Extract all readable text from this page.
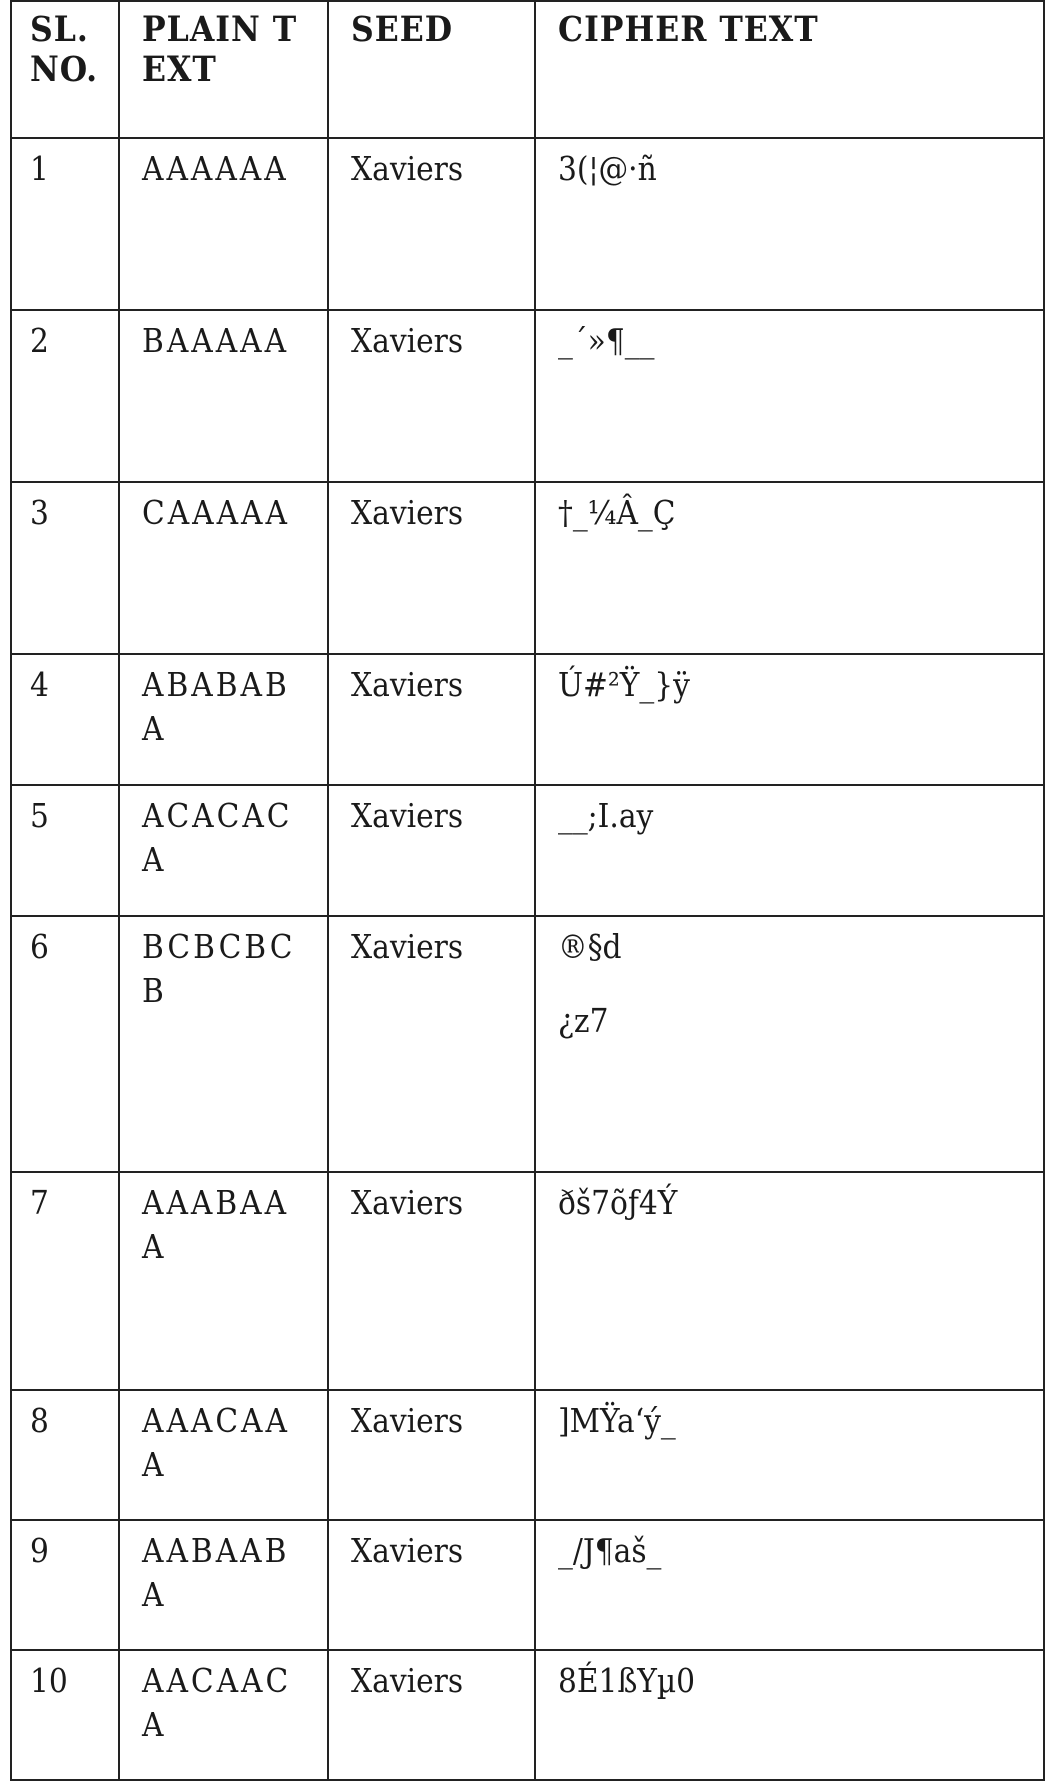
SL. NO.	PLAIN TEXT	SEED	CIPHER TEXT
1	AAAAAA	Xaviers	3(¦@·ñ

2	BAAAAA	Xaviers	_´»¶__

3	CAAAAA	Xaviers	†_¼Â_Ç

4	ABABABA	Xaviers	Ú#²Ÿ_}ÿ

5	ACACACA	Xaviers	__;I.ay

6	BCBCBCB	Xaviers	®§d
¿z7

7	AAABAAA	Xaviers	ðš7õƒ4Ý

8	AAACAAA	Xaviers	]MŸa‘ý_

9	AABAABA	Xaviers	_/J¶aš_

10	AACAACA	Xaviers	8É1ßYµ0
